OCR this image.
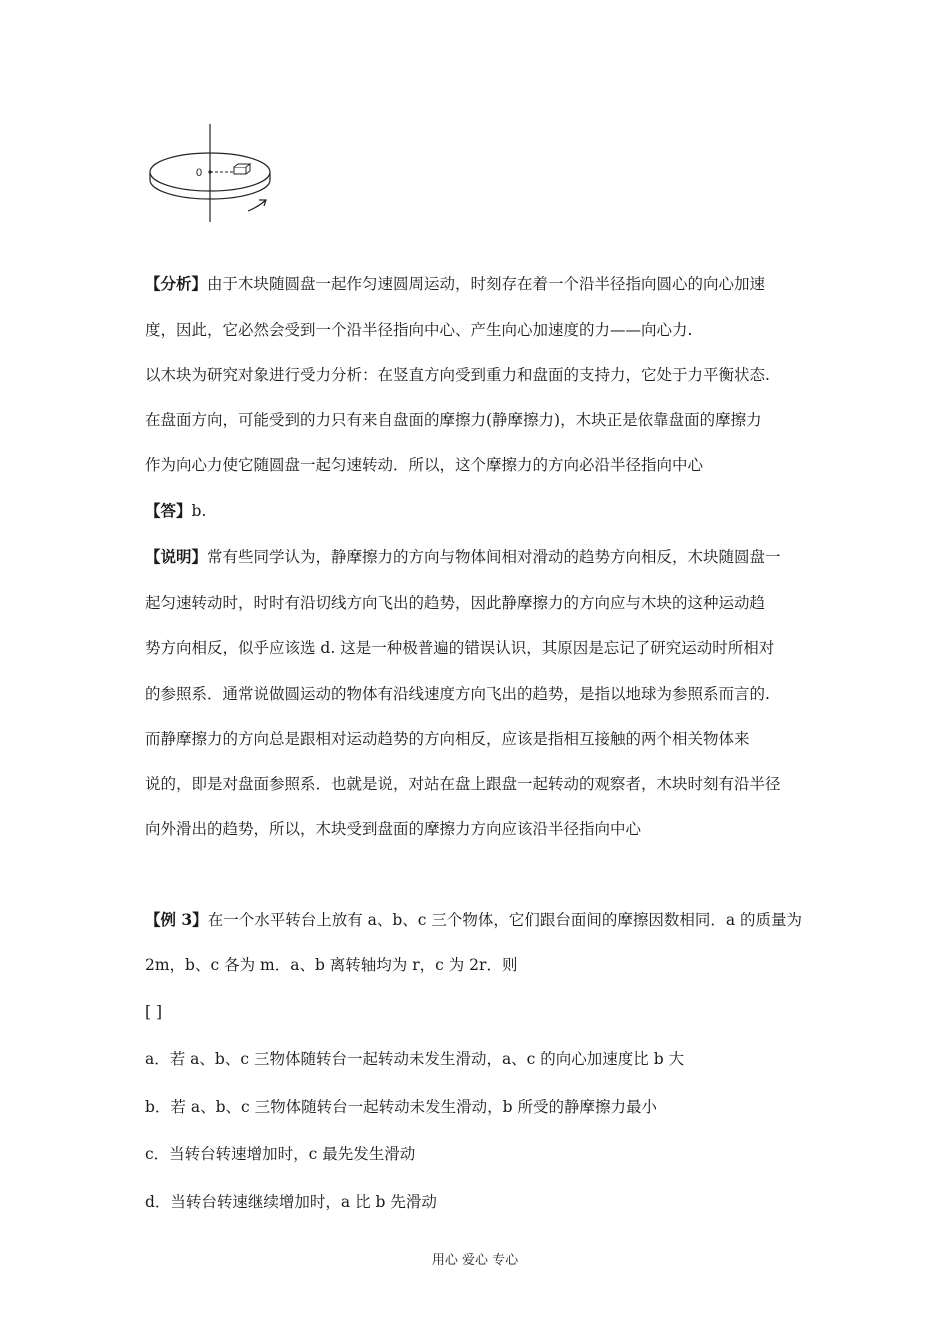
0
【分析】由于木块随圆盘一起作匀速圆周运动，时刻存在着一个沿半径指向圆心的向心加速
度，因此，它必然会受到一个沿半径指向中心、产生向心加速度的力——向心力.
以木块为研究对象进行受力分析：在竖直方向受到重力和盘面的支持力，它处于力平衡状态.
在盘面方向，可能受到的力只有来自盘面的摩擦力(静摩擦力)，木块正是依靠盘面的摩擦力
作为向心力使它随圆盘一起匀速转动．所以，这个摩擦力的方向必沿半径指向中心
【答】b.
【说明】常有些同学认为，静摩擦力的方向与物体间相对滑动的趋势方向相反，木块随圆盘一
起匀速转动时，时时有沿切线方向飞出的趋势，因此静摩擦力的方向应与木块的这种运动趋
势方向相反，似乎应该选 d. 这是一种极普遍的错误认识，其原因是忘记了研究运动时所相对
的参照系．通常说做圆运动的物体有沿线速度方向飞出的趋势，是指以地球为参照系而言的.
而静摩擦力的方向总是跟相对运动趋势的方向相反，应该是指相互接触的两个相关物体来
说的，即是对盘面参照系．也就是说，对站在盘上跟盘一起转动的观察者，木块时刻有沿半径
向外滑出的趋势，所以，木块受到盘面的摩擦力方向应该沿半径指向中心
【例 3】在一个水平转台上放有 a、b、c 三个物体，它们跟台面间的摩擦因数相同．a 的质量为
2m，b、c 各为 m．a、b 离转轴均为 r，c 为 2r．则
[ ]
a．若 a、b、c 三物体随转台一起转动未发生滑动，a、c 的向心加速度比 b 大
b．若 a、b、c 三物体随转台一起转动未发生滑动，b 所受的静摩擦力最小
c．当转台转速增加时，c 最先发生滑动
d．当转台转速继续增加时，a 比 b 先滑动
用心 爱心 专心
